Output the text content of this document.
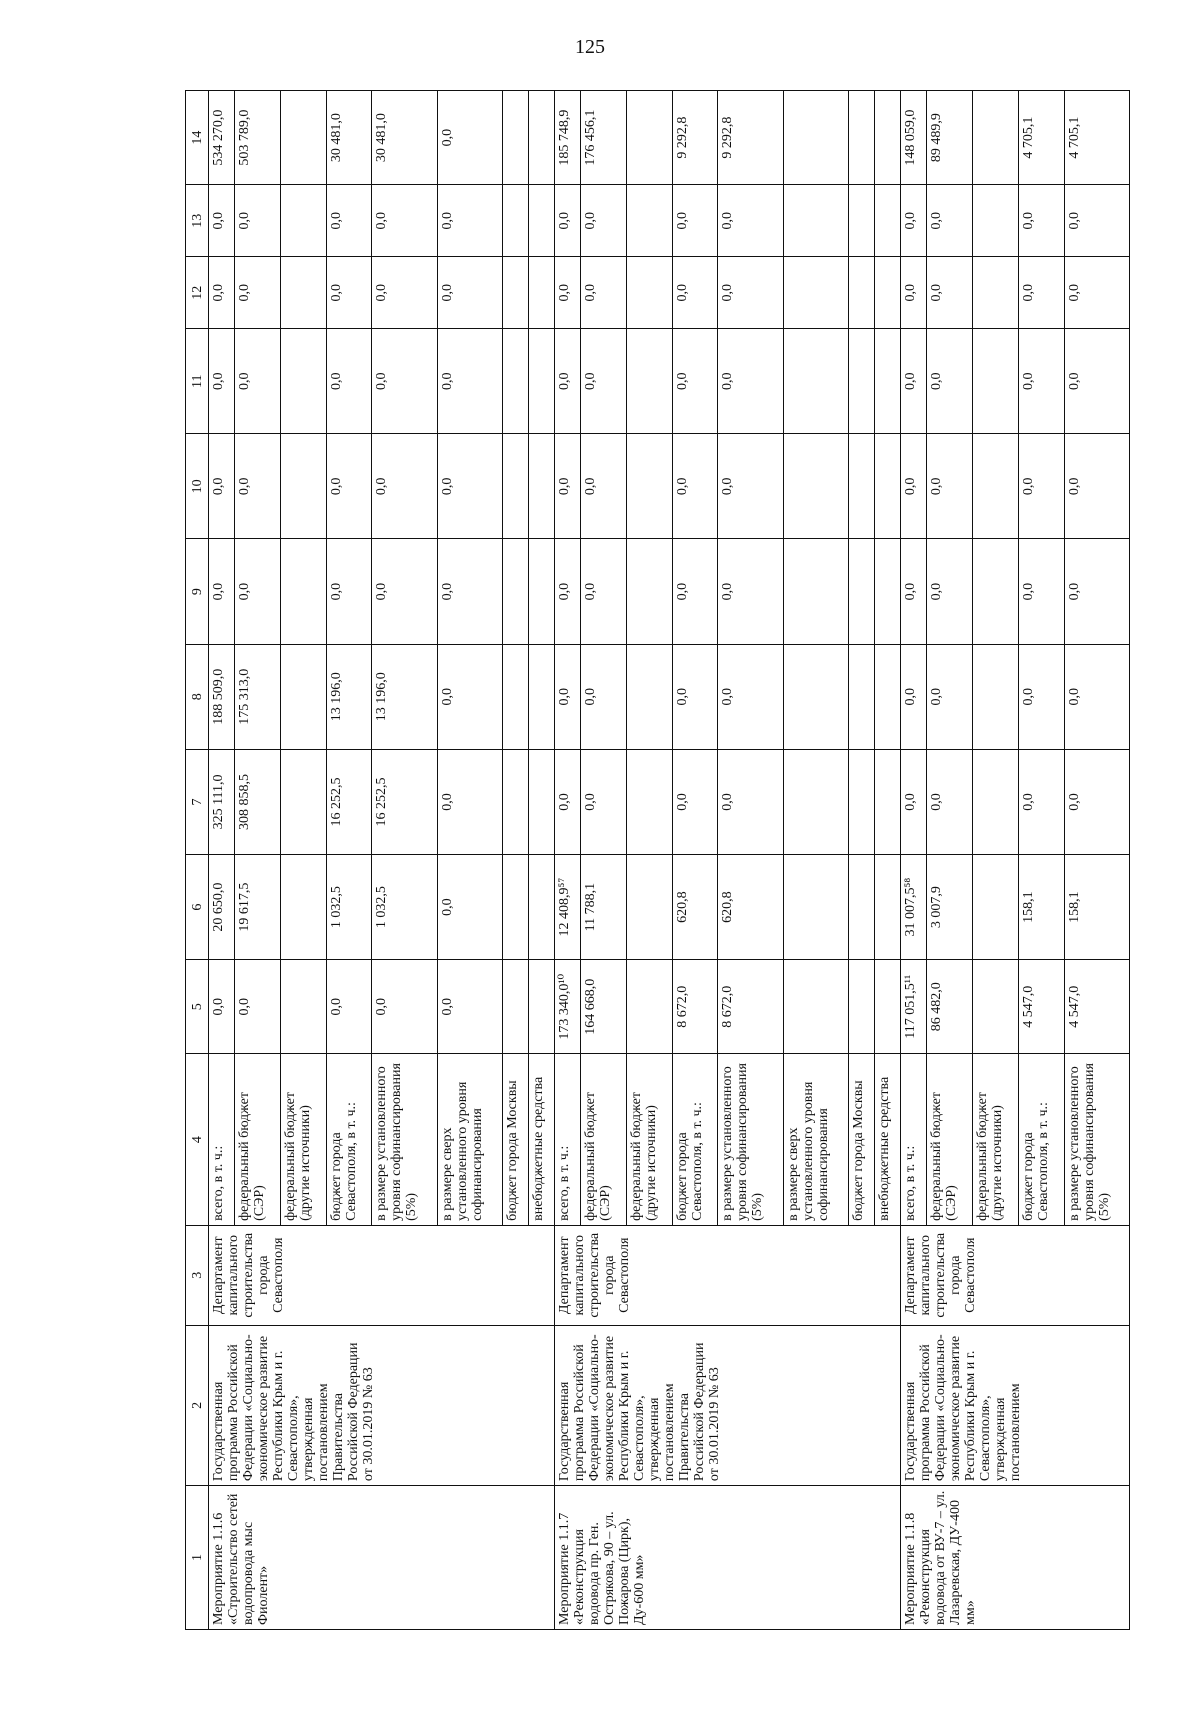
125
1	2	3	4	5	6	7	8	9	10	11	12	13	14
Мероприятие 1.1.6 «Строительство сетей водопровода мыс Фиолент»	Государственная программа Российской Федерации «Социально-экономическое развитие Республики Крым и г. Севастополя», утвержденная постановлением Правительства Российской Федерации от 30.01.2019 № 63	Департамент капитального строительства города Севастополя	всего, в т. ч.:	0,0	20 650,0	325 111,0	188 509,0	0,0	0,0	0,0	0,0	0,0	534 270,0
			федеральный бюджет (СЭР)	0,0	19 617,5	308 858,5	175 313,0	0,0	0,0	0,0	0,0	0,0	503 789,0
			федеральный бюджет (другие источники)										
			бюджет города Севастополя, в т. ч.:	0,0	1 032,5	16 252,5	13 196,0	0,0	0,0	0,0	0,0	0,0	30 481,0
			в размере установленного уровня софинансирования (5%)	0,0	1 032,5	16 252,5	13 196,0	0,0	0,0	0,0	0,0	0,0	30 481,0
			в размере сверх установленного уровня софинансирования	0,0	0,0	0,0	0,0	0,0	0,0	0,0	0,0	0,0	0,0
			бюджет города Москвы										
			внебюджетные средства										
Мероприятие 1.1.7 «Реконструкция водовода пр. Ген. Острякова, 90 – ул. Пожарова (Цирк), Ду-600 мм»	Государственная программа Российской Федерации «Социально-экономическое развитие Республики Крым и г. Севастополя», утвержденная постановлением Правительства Российской Федерации от 30.01.2019 № 63	Департамент капитального строительства города Севастополя	всего, в т. ч.:	173 340,0¹⁰	12 408,9⁵⁷	0,0	0,0	0,0	0,0	0,0	0,0	0,0	185 748,9
			федеральный бюджет (СЭР)	164 668,0	11 788,1	0,0	0,0	0,0	0,0	0,0	0,0	0,0	176 456,1
			федеральный бюджет (другие источники)										
			бюджет города Севастополя, в т. ч.:	8 672,0	620,8	0,0	0,0	0,0	0,0	0,0	0,0	0,0	9 292,8
			в размере установленного уровня софинансирования (5%)	8 672,0	620,8	0,0	0,0	0,0	0,0	0,0	0,0	0,0	9 292,8
			в размере сверх установленного уровня софинансирования										
			бюджет города Москвы										
			внебюджетные средства										
Мероприятие 1.1.8 «Реконструкция водовода от ВУ-7 – ул. Лазаревская, ДУ-400 мм»	Государственная программа Российской Федерации «Социально-экономическое развитие Республики Крым и г. Севастополя», утвержденная постановлением	Департамент капитального строительства города Севастополя	всего, в т. ч.:	117 051,5¹¹	31 007,5⁵⁸	0,0	0,0	0,0	0,0	0,0	0,0	0,0	148 059,0
			федеральный бюджет (СЭР)	86 482,0	3 007,9	0,0	0,0	0,0	0,0	0,0	0,0	0,0	89 489,9
			федеральный бюджет (другие источники)										
			бюджет города Севастополя, в т. ч.:	4 547,0	158,1	0,0	0,0	0,0	0,0	0,0	0,0	0,0	4 705,1
			в размере установленного уровня софинансирования (5%)	4 547,0	158,1	0,0	0,0	0,0	0,0	0,0	0,0	0,0	4 705,1
